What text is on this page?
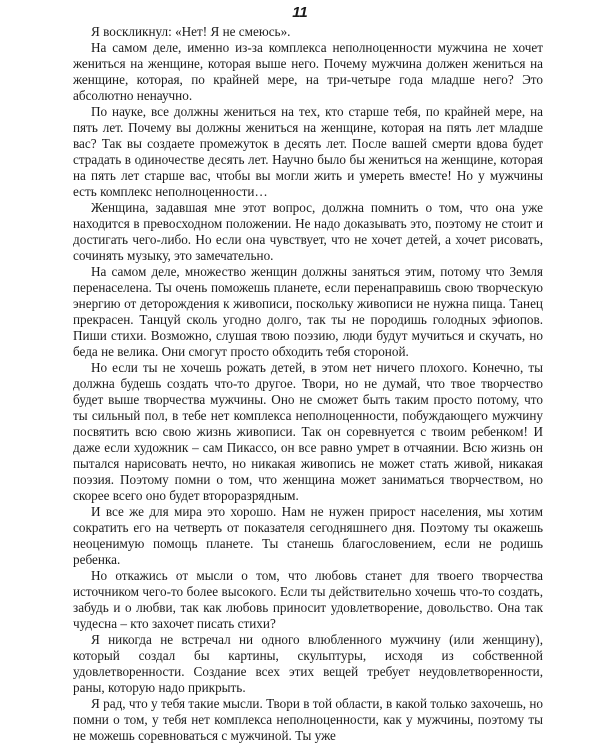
11

Я воскликнул: «Нет! Я не смеюсь».

На самом деле, именно из-за комплекса неполноценности мужчина не хочет жениться на женщине, которая выше него. Почему мужчина должен жениться на женщине, которая, по крайней мере, на три-четыре года младше него? Это абсолютно ненаучно.

По науке, все должны жениться на тех, кто старше тебя, по крайней мере, на пять лет. Почему вы должны жениться на женщине, которая на пять лет младше вас? Так вы создаете промежуток в десять лет. После вашей смерти вдова будет страдать в одиночестве десять лет. Научно было бы жениться на женщине, которая на пять лет старше вас, чтобы вы могли жить и умереть вместе! Но у мужчины есть комплекс неполноценности…

Женщина, задавшая мне этот вопрос, должна помнить о том, что она уже находится в превосходном положении. Не надо доказывать это, поэтому не стоит и достигать чего-либо. Но если она чувствует, что не хочет детей, а хочет рисовать, сочинять музыку, это замечательно.

На самом деле, множество женщин должны заняться этим, потому что Земля перенаселена. Ты очень поможешь планете, если перенаправишь свою творческую энергию от деторождения к живописи, поскольку живописи не нужна пища. Танец прекрасен. Танцуй сколь угодно долго, так ты не породишь голодных эфиопов. Пиши стихи. Возможно, слушая твою поэзию, люди будут мучиться и скучать, но беда не велика. Они смогут просто обходить тебя стороной.

Но если ты не хочешь рожать детей, в этом нет ничего плохого. Конечно, ты должна будешь создать что-то другое. Твори, но не думай, что твое творчество будет выше творчества мужчины. Оно не сможет быть таким просто потому, что ты сильный пол, в тебе нет комплекса неполноценности, побуждающего мужчину посвятить всю свою жизнь живописи. Так он соревнуется с твоим ребенком! И даже если художник – сам Пикассо, он все равно умрет в отчаянии. Всю жизнь он пытался нарисовать нечто, но никакая живопись не может стать живой, никакая поэзия. Поэтому помни о том, что женщина может заниматься творчеством, но скорее всего оно будет второразрядным.

И все же для мира это хорошо. Нам не нужен прирост населения, мы хотим сократить его на четверть от показателя сегодняшнего дня. Поэтому ты окажешь неоценимую помощь планете. Ты станешь благословением, если не родишь ребенка.

Но откажись от мысли о том, что любовь станет для твоего творчества источником чего-то более высокого. Если ты действительно хочешь что-то создать, забудь и о любви, так как любовь приносит удовлетворение, довольство. Она так чудесна – кто захочет писать стихи?

Я никогда не встречал ни одного влюбленного мужчину (или женщину), который создал бы картины, скульптуры, исходя из собственной удовлетворенности. Создание всех этих вещей требует неудовлетворенности, раны, которую надо прикрыть.

Я рад, что у тебя такие мысли. Твори в той области, в какой только захочешь, но помни о том, у тебя нет комплекса неполноценности, как у мужчины, поэтому ты не можешь соревноваться с мужчиной. Ты уже
